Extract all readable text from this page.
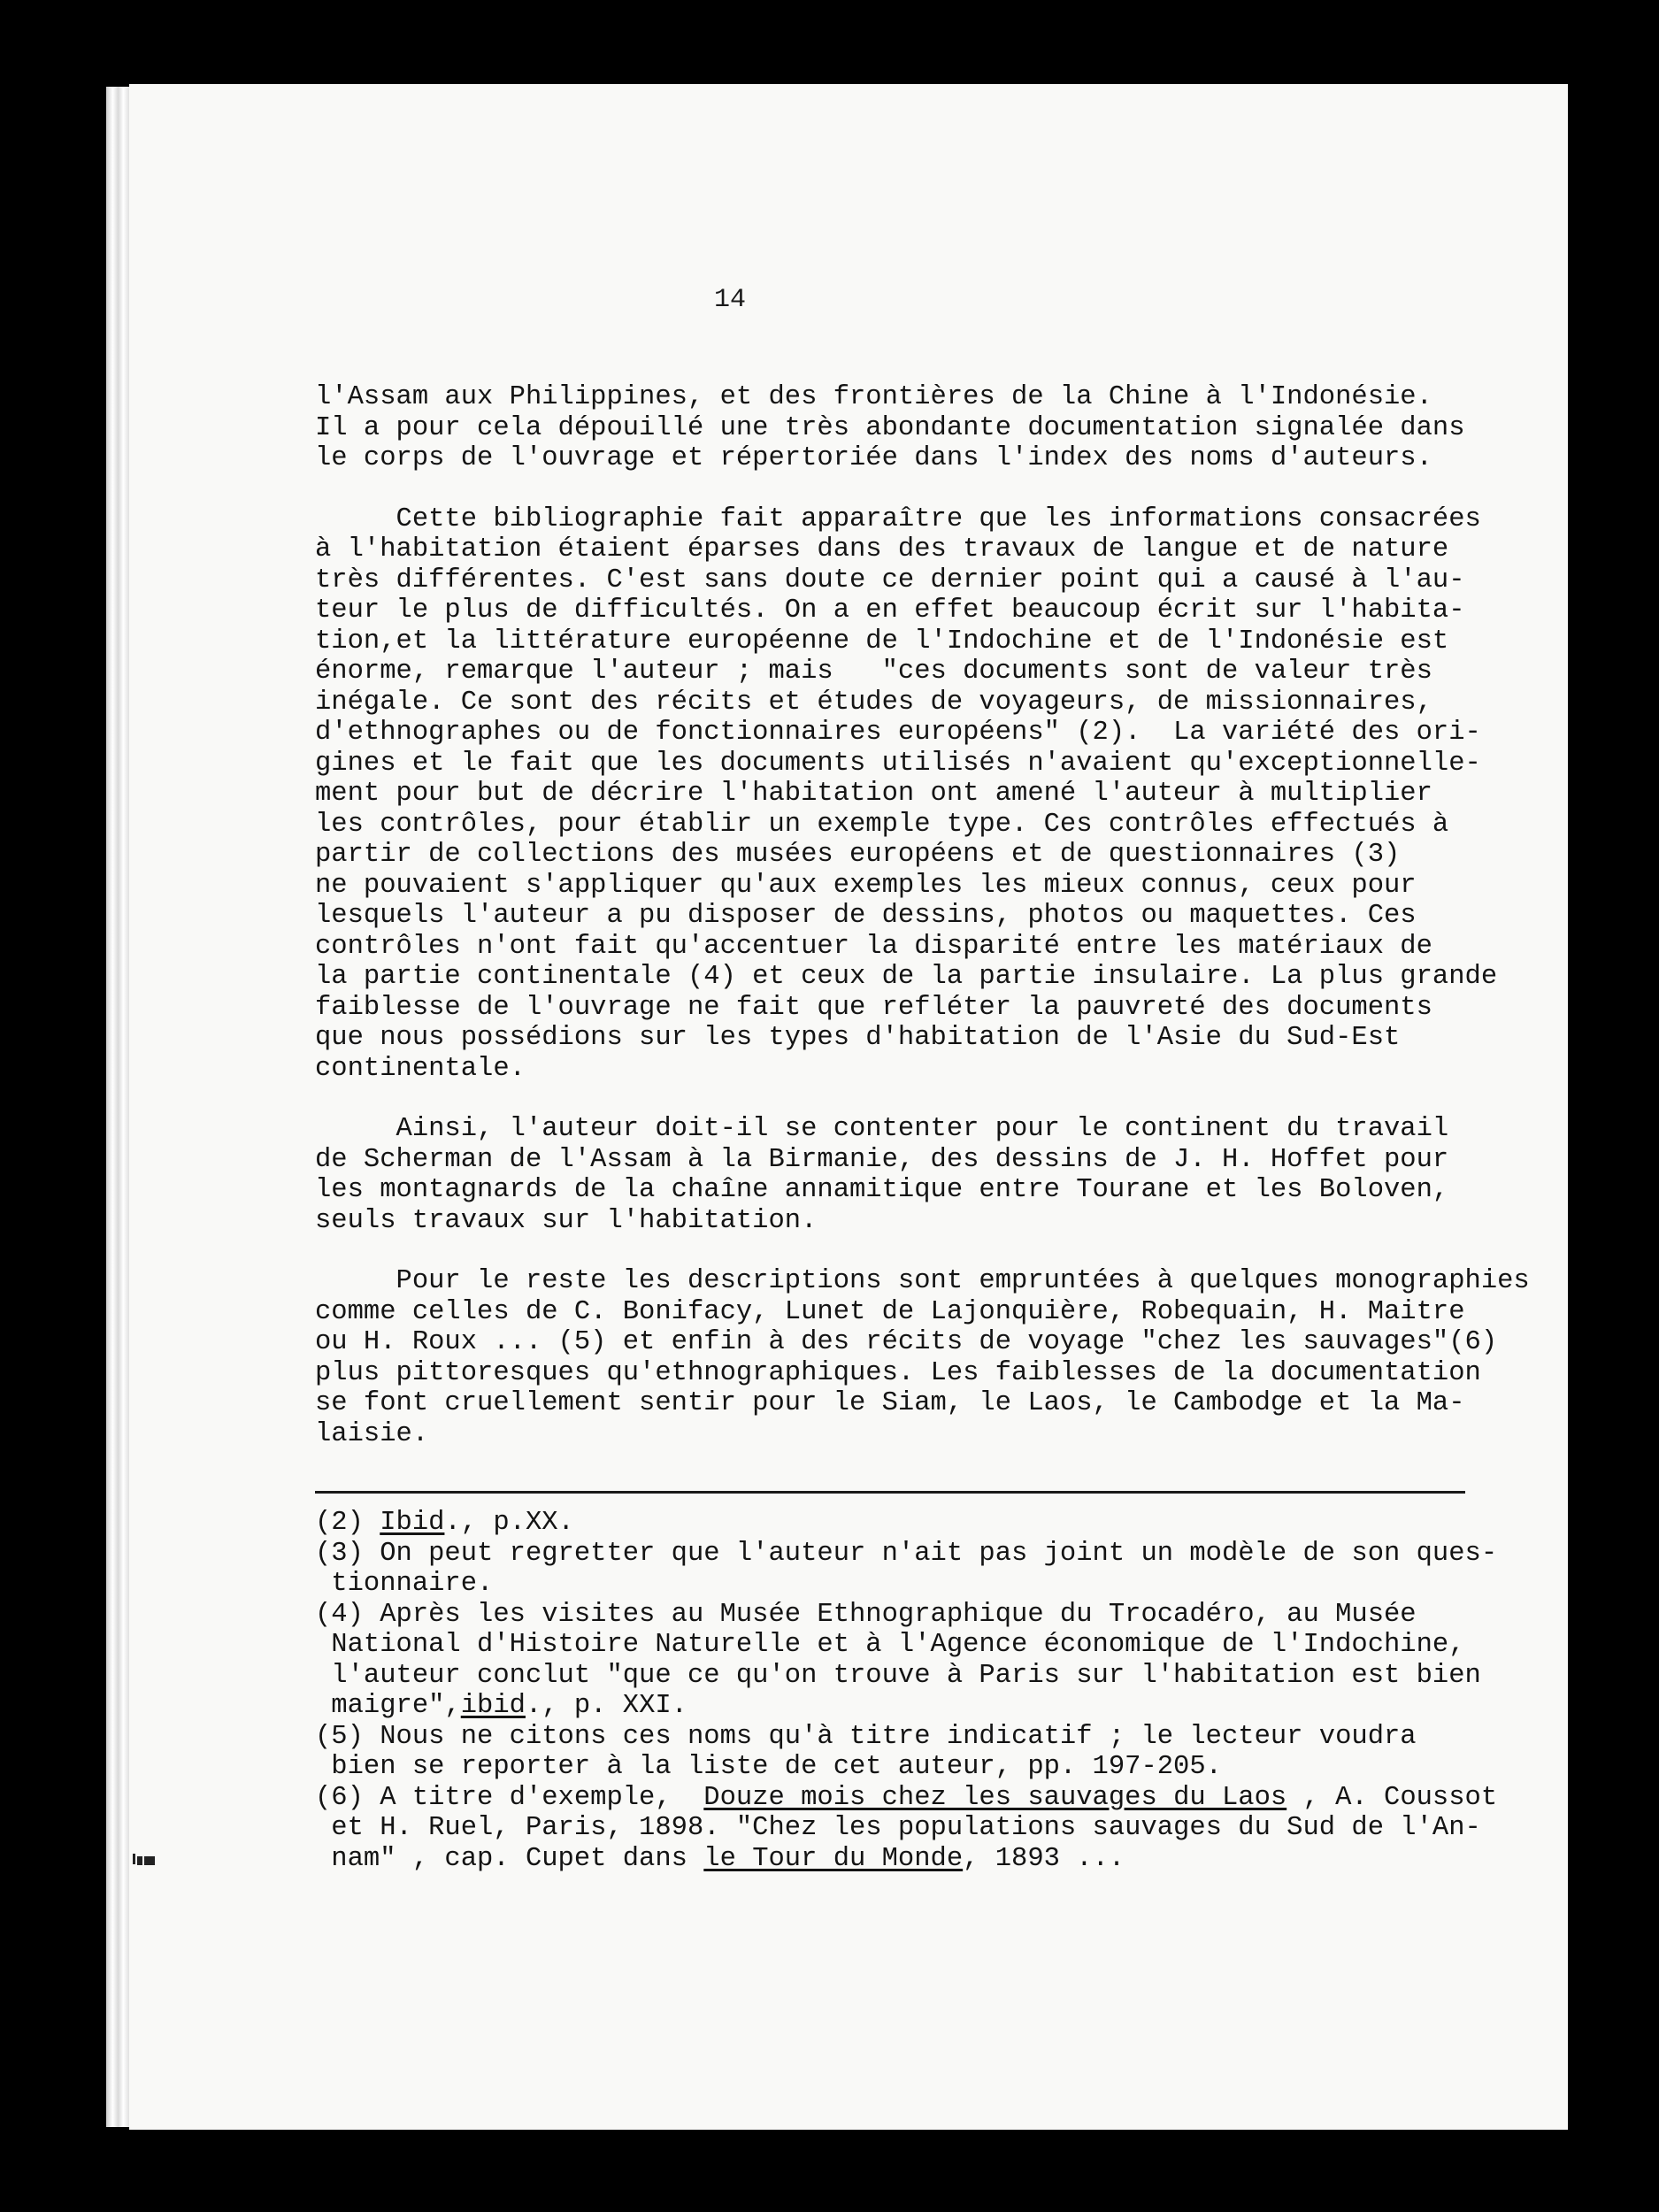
14
l'Assam aux Philippines, et des frontières de la Chine à l'Indonésie.
Il a pour cela dépouillé une très abondante documentation signalée dans
le corps de l'ouvrage et répertoriée dans l'index des noms d'auteurs.
Cette bibliographie fait apparaître que les informations consacrées
à l'habitation étaient éparses dans des travaux de langue et de nature
très différentes. C'est sans doute ce dernier point qui a causé à l'au-
teur le plus de difficultés. On a en effet beaucoup écrit sur l'habita-
tion,et la littérature européenne de l'Indochine et de l'Indonésie est
énorme, remarque l'auteur ; mais   "ces documents sont de valeur très
inégale. Ce sont des récits et études de voyageurs, de missionnaires,
d'ethnographes ou de fonctionnaires européens" (2).  La variété des ori-
gines et le fait que les documents utilisés n'avaient qu'exceptionnelle-
ment pour but de décrire l'habitation ont amené l'auteur à multiplier
les contrôles, pour établir un exemple type. Ces contrôles effectués à
partir de collections des musées européens et de questionnaires (3)
ne pouvaient s'appliquer qu'aux exemples les mieux connus, ceux pour
lesquels l'auteur a pu disposer de dessins, photos ou maquettes. Ces
contrôles n'ont fait qu'accentuer la disparité entre les matériaux de
la partie continentale (4) et ceux de la partie insulaire. La plus grande
faiblesse de l'ouvrage ne fait que refléter la pauvreté des documents
que nous possédions sur les types d'habitation de l'Asie du Sud-Est
continentale.
Ainsi, l'auteur doit-il se contenter pour le continent du travail
de Scherman de l'Assam à la Birmanie, des dessins de J. H. Hoffet pour
les montagnards de la chaîne annamitique entre Tourane et les Boloven,
seuls travaux sur l'habitation.
Pour le reste les descriptions sont empruntées à quelques monographies
comme celles de C. Bonifacy, Lunet de Lajonquière, Robequain, H. Maitre
ou H. Roux ... (5) et enfin à des récits de voyage "chez les sauvages"(6)
plus pittoresques qu'ethnographiques. Les faiblesses de la documentation
se font cruellement sentir pour le Siam, le Laos, le Cambodge et la Ma-
laisie.
(2) Ibid., p.XX.
(3) On peut regretter que l'auteur n'ait pas joint un modèle de son ques-
tionnaire.
(4) Après les visites au Musée Ethnographique du Trocadéro, au Musée
National d'Histoire Naturelle et à l'Agence économique de l'Indochine,
l'auteur conclut "que ce qu'on trouve à Paris sur l'habitation est bien
maigre",ibid., p. XXI.
(5) Nous ne citons ces noms qu'à titre indicatif ; le lecteur voudra
bien se reporter à la liste de cet auteur, pp. 197-205.
(6) A titre d'exemple,  Douze mois chez les sauvages du Laos , A. Coussot
et H. Ruel, Paris, 1898. "Chez les populations sauvages du Sud de l'An-
nam" , cap. Cupet dans le Tour du Monde, 1893 ...
